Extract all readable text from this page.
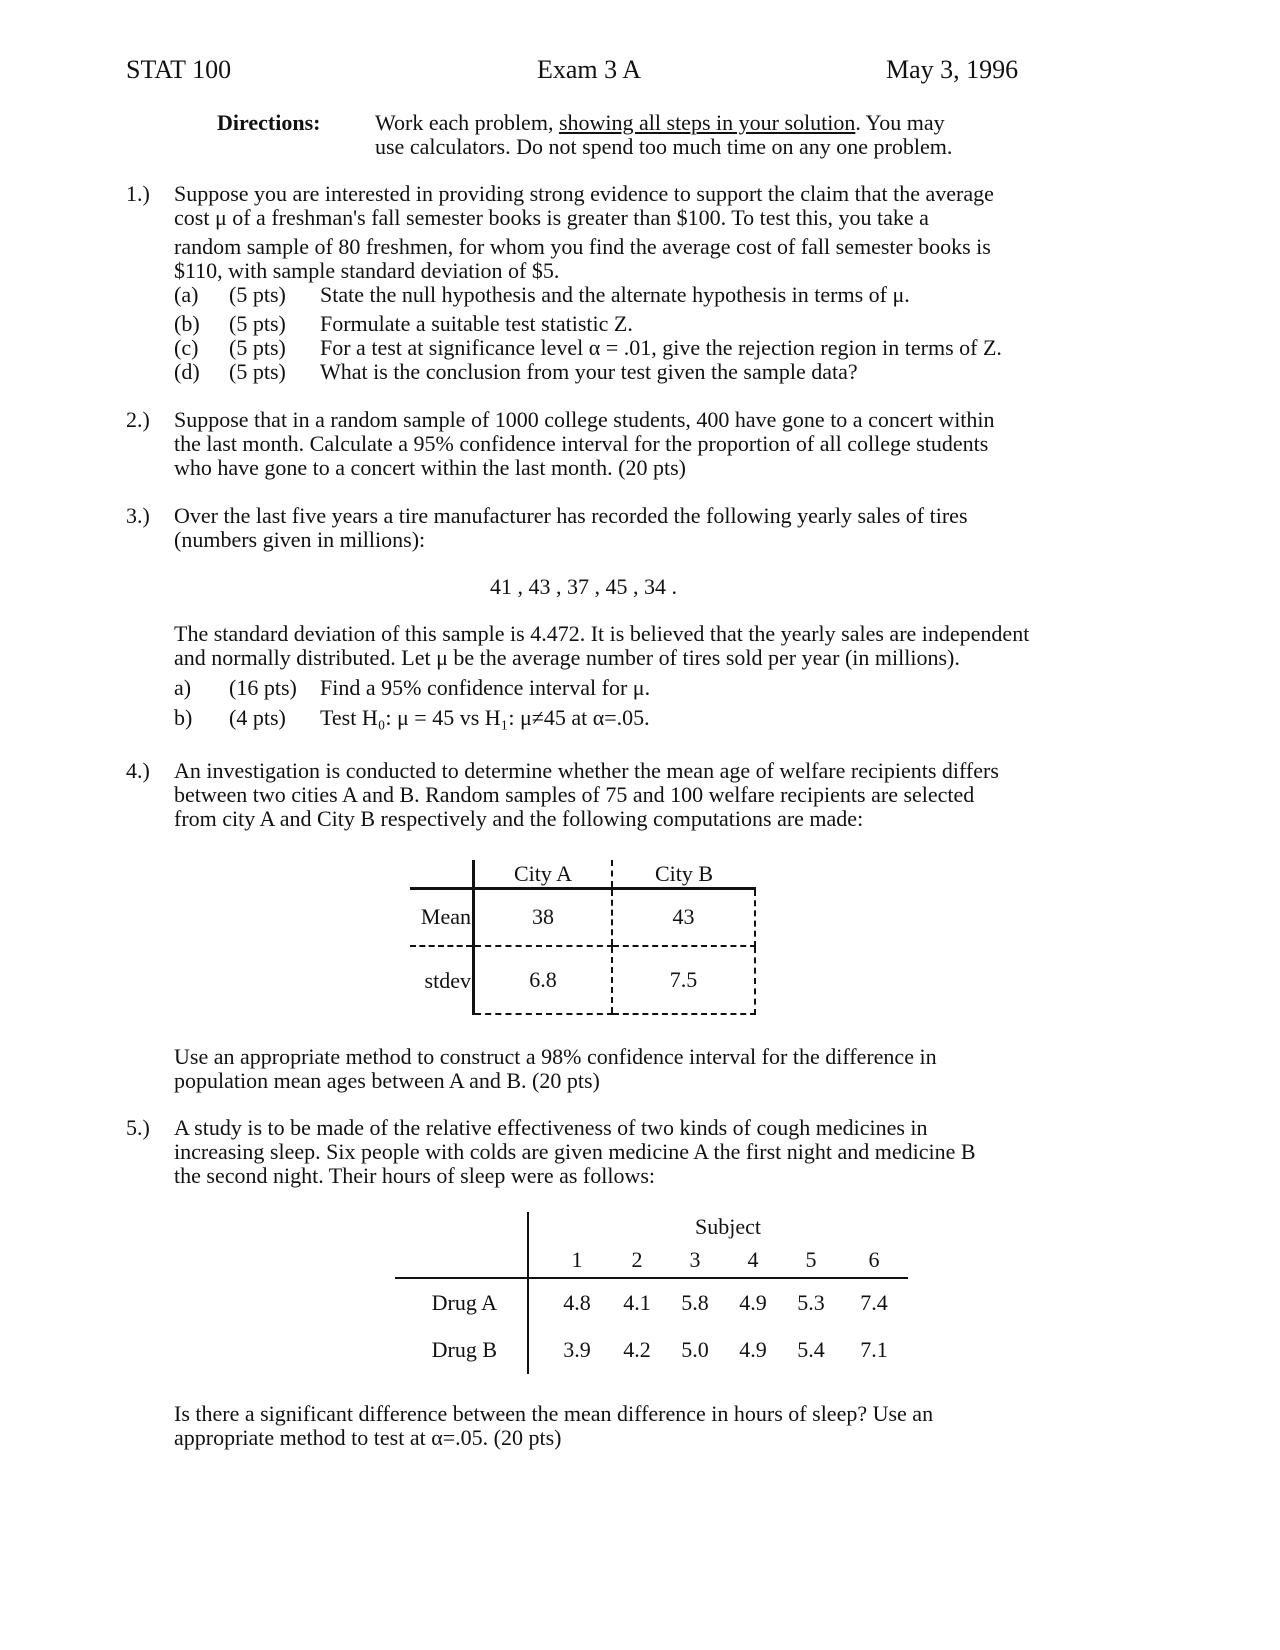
STAT 100	Exam 3 A	May 3, 1996
Directions: Work each problem, showing all steps in your solution. You may
use calculators. Do not spend too much time on any one problem.
1.) Suppose you are interested in providing strong evidence to support the claim that the average
cost μ of a freshman's fall semester books is greater than $100. To test this, you take a
random sample of 80 freshmen, for whom you find the average cost of fall semester books is
$110, with sample standard deviation of $5.
(a) (5 pts) State the null hypothesis and the alternate hypothesis in terms of μ.
(b) (5 pts) Formulate a suitable test statistic Z.
(c) (5 pts) For a test at significance level α = .01, give the rejection region in terms of Z.
(d) (5 pts) What is the conclusion from your test given the sample data?
2.) Suppose that in a random sample of 1000 college students, 400 have gone to a concert within
the last month. Calculate a 95% confidence interval for the proportion of all college students
who have gone to a concert within the last month. (20 pts)
3.) Over the last five years a tire manufacturer has recorded the following yearly sales of tires
(numbers given in millions):
41 , 43 , 37 , 45 , 34 .
The standard deviation of this sample is 4.472. It is believed that the yearly sales are independent
and normally distributed. Let μ be the average number of tires sold per year (in millions).
a) (16 pts) Find a 95% confidence interval for μ.
b) (4 pts) Test H₀: μ = 45 vs H₁: μ≠45 at α=.05.
4.) An investigation is conducted to determine whether the mean age of welfare recipients differs
between two cities A and B. Random samples of 75 and 100 welfare recipients are selected
from city A and City B respectively and the following computations are made:
	City A	City B
Mean	38	43
stdev	6.8	7.5
Use an appropriate method to construct a 98% confidence interval for the difference in
population mean ages between A and B. (20 pts)
5.) A study is to be made of the relative effectiveness of two kinds of cough medicines in
increasing sleep. Six people with colds are given medicine A the first night and medicine B
the second night. Their hours of sleep were as follows:
	Subject					
	1	2	3	4	5	6
Drug A	4.8	4.1	5.8	4.9	5.3	7.4
Drug B	3.9	4.2	5.0	4.9	5.4	7.1
Is there a significant difference between the mean difference in hours of sleep? Use an
appropriate method to test at α=.05. (20 pts)
